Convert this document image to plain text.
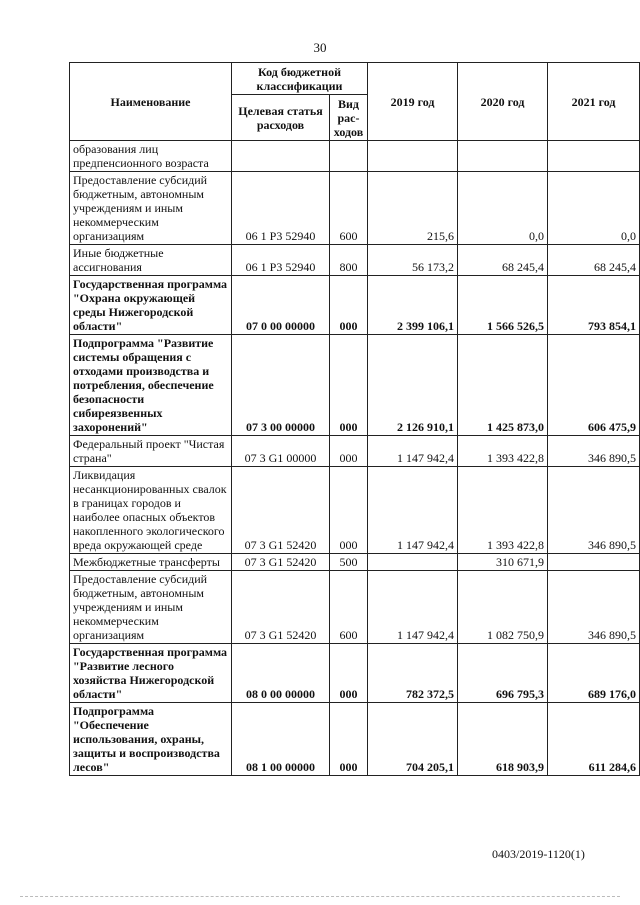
30
Наименование	Код бюджетной классификации		2019 год	2020 год	2021 год
	Целевая статья расходов	Вид рас-ходов			
образования лиц предпенсионного возраста					
Предоставление субсидий бюджетным, автономным учреждениям и иным некоммерческим организациям	06 1 P3 52940	600	215,6	0,0	0,0
Иные бюджетные ассигнования	06 1 P3 52940	800	56 173,2	68 245,4	68 245,4
Государственная программа "Охрана окружающей среды Нижегородской области"	07 0 00 00000	000	2 399 106,1	1 566 526,5	793 854,1
Подпрограмма "Развитие системы обращения с отходами производства и потребления, обеспечение безопасности сибиреязвенных захоронений"	07 3 00 00000	000	2 126 910,1	1 425 873,0	606 475,9
Федеральный проект "Чистая страна"	07 3 G1 00000	000	1 147 942,4	1 393 422,8	346 890,5
Ликвидация несанкционированных свалок в границах городов и наиболее опасных объектов накопленного экологического вреда окружающей среде	07 3 G1 52420	000	1 147 942,4	1 393 422,8	346 890,5
Межбюджетные трансферты	07 3 G1 52420	500		310 671,9	
Предоставление субсидий бюджетным, автономным учреждениям и иным некоммерческим организациям	07 3 G1 52420	600	1 147 942,4	1 082 750,9	346 890,5
Государственная программа "Развитие лесного хозяйства Нижегородской области"	08 0 00 00000	000	782 372,5	696 795,3	689 176,0
Подпрограмма "Обеспечение использования, охраны, защиты и воспроизводства лесов"	08 1 00 00000	000	704 205,1	618 903,9	611 284,6
0403/2019-1120(1)
